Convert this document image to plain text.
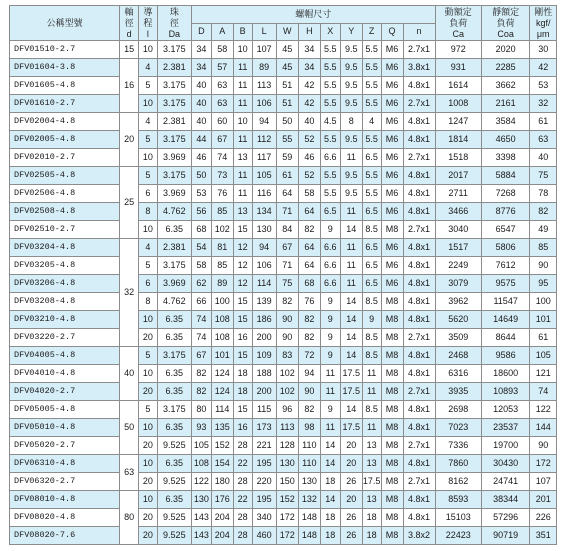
公稱型號	軸
徑
d	導
程
l	珠
徑
Da	螺帽尺寸											動額定
負荷
Ca	靜額定
負荷
Coa	剛性
kgf/
μm

				D	A	B	L	W	H	X	Y	Z	Q	n			
DFV01510-2.7	15	10	3.175	34	58	10	107	45	34	5.5	9.5	5.5	M6	2.7x1	972	2020	30
DFV01604-3.8	16	4	2.381	34	57	11	89	45	34	5.5	9.5	5.5	M6	3.8x1	931	2285	42
DFV01605-4.8		5	3.175	40	63	11	113	51	42	5.5	9.5	5.5	M6	4.8x1	1614	3662	53
DFV01610-2.7		10	3.175	40	63	11	106	51	42	5.5	9.5	5.5	M6	2.7x1	1008	2161	32
DFV02004-4.8	20	4	2.381	40	60	10	94	50	40	4.5	8	4	M6	4.8x1	1247	3584	61
DFV02005-4.8		5	3.175	44	67	11	112	55	52	5.5	9.5	5.5	M6	4.8x1	1814	4650	63
DFV02010-2.7		10	3.969	46	74	13	117	59	46	6.6	11	6.5	M6	2.7x1	1518	3398	40
DFV02505-4.8	25	5	3.175	50	73	11	105	61	52	5.5	9.5	5.5	M6	4.8x1	2017	5884	75
DFV02506-4.8		6	3.969	53	76	11	116	64	58	5.5	9.5	5.5	M6	4.8x1	2711	7268	78
DFV02508-4.8		8	4.762	56	85	13	134	71	64	6.5	11	6.5	M6	4.8x1	3466	8776	82
DFV02510-2.7		10	6.35	68	102	15	130	84	82	9	14	8.5	M8	2.7x1	3040	6547	49
DFV03204-4.8	32	4	2.381	54	81	12	94	67	64	6.6	11	6.5	M6	4.8x1	1517	5806	85
DFV03205-4.8		5	3.175	58	85	12	106	71	64	6.6	11	6.5	M6	4.8x1	2249	7612	90
DFV03206-4.8		6	3.969	62	89	12	114	75	68	6.6	11	6.5	M6	4.8x1	3079	9575	95
DFV03208-4.8		8	4.762	66	100	15	139	82	76	9	14	8.5	M8	4.8x1	3962	11547	100
DFV03210-4.8		10	6.35	74	108	15	186	90	82	9	14	9	M8	4.8x1	5620	14649	101
DFV03220-2.7		20	6.35	74	108	16	200	90	82	9	14	8.5	M8	2.7x1	3509	8644	61
DFV04005-4.8	40	5	3.175	67	101	15	109	83	72	9	14	8.5	M8	4.8x1	2468	9586	105
DFV04010-4.8		10	6.35	82	124	18	188	102	94	11	17.5	11	M8	4.8x1	6316	18600	121
DFV04020-2.7		20	6.35	82	124	18	200	102	90	11	17.5	11	M8	2.7x1	3935	10893	74
DFV05005-4.8	50	5	3.175	80	114	15	115	96	82	9	14	8.5	M8	4.8x1	2698	12053	122
DFV05010-4.8		10	6.35	93	135	16	173	113	98	11	17.5	11	M8	4.8x1	7023	23537	144
DFV05020-2.7		20	9.525	105	152	28	221	128	110	14	20	13	M8	2.7x1	7336	19700	90
DFV06310-4.8	63	10	6.35	108	154	22	195	130	110	14	20	13	M8	4.8x1	7860	30430	172
DFV06320-2.7		20	9.525	122	180	28	220	150	130	18	26	17.5	M8	2.7x1	8162	24741	107
DFV08010-4.8	80	10	6.35	130	176	22	195	152	132	14	20	13	M8	4.8x1	8593	38344	201
DFV08020-4.8		20	9.525	143	204	28	340	172	148	18	26	18	M8	4.8x1	15103	57296	226
DFV08020-7.6		20	9.525	143	204	28	460	172	148	18	26	18	M8	3.8x2	22423	90719	351
